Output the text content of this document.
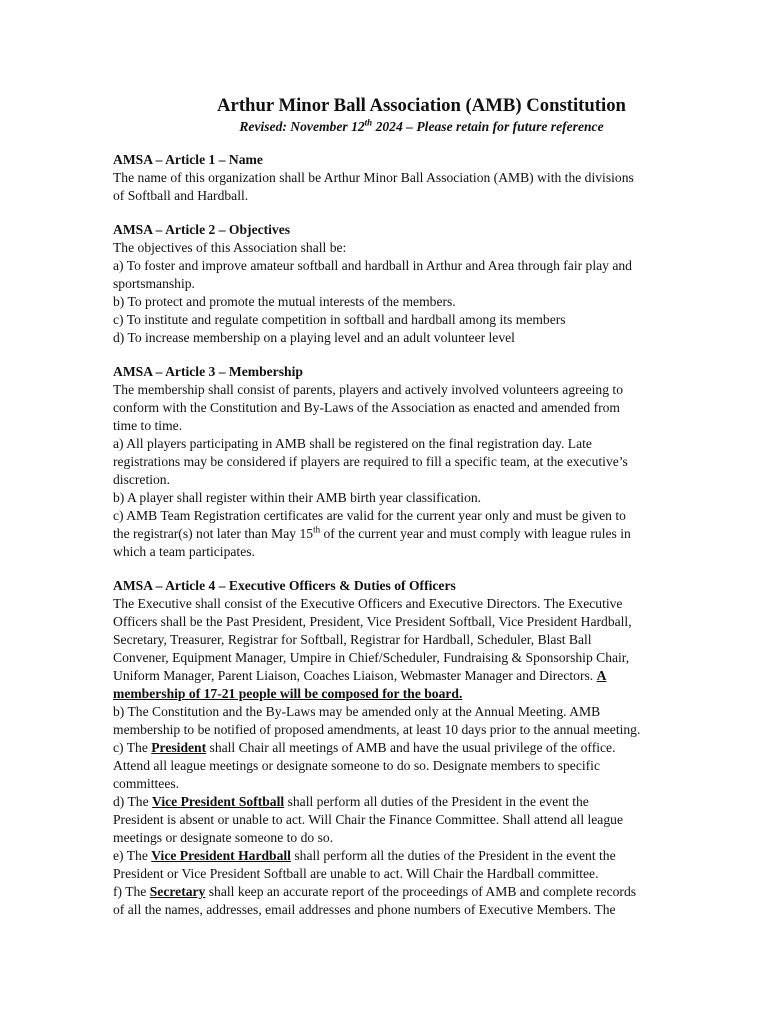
Arthur Minor Ball Association (AMB) Constitution
Revised: November 12th 2024 – Please retain for future reference
AMSA – Article 1 – Name
The name of this organization shall be Arthur Minor Ball Association (AMB) with the divisions
of Softball and Hardball.
AMSA – Article 2 – Objectives
The objectives of this Association shall be:
a) To foster and improve amateur softball and hardball in Arthur and Area through fair play and
sportsmanship.
b) To protect and promote the mutual interests of the members.
c) To institute and regulate competition in softball and hardball among its members
d) To increase membership on a playing level and an adult volunteer level
AMSA – Article 3 – Membership
The membership shall consist of parents, players and actively involved volunteers agreeing to
conform with the Constitution and By-Laws of the Association as enacted and amended from
time to time.
a) All players participating in AMB shall be registered on the final registration day. Late
registrations may be considered if players are required to fill a specific team, at the executive’s
discretion.
b) A player shall register within their AMB birth year classification.
c) AMB Team Registration certificates are valid for the current year only and must be given to
the registrar(s) not later than May 15th of the current year and must comply with league rules in
which a team participates.
AMSA – Article 4 – Executive Officers & Duties of Officers
The Executive shall consist of the Executive Officers and Executive Directors. The Executive
Officers shall be the Past President, President, Vice President Softball, Vice President Hardball,
Secretary, Treasurer, Registrar for Softball, Registrar for Hardball, Scheduler, Blast Ball
Convener, Equipment Manager, Umpire in Chief/Scheduler, Fundraising & Sponsorship Chair,
Uniform Manager, Parent Liaison, Coaches Liaison, Webmaster Manager and Directors. A
membership of 17-21 people will be composed for the board.
b) The Constitution and the By-Laws may be amended only at the Annual Meeting. AMB
membership to be notified of proposed amendments, at least 10 days prior to the annual meeting.
c) The President shall Chair all meetings of AMB and have the usual privilege of the office.
Attend all league meetings or designate someone to do so. Designate members to specific
committees.
d) The Vice President Softball shall perform all duties of the President in the event the
President is absent or unable to act. Will Chair the Finance Committee. Shall attend all league
meetings or designate someone to do so.
e) The Vice President Hardball shall perform all the duties of the President in the event the
President or Vice President Softball are unable to act. Will Chair the Hardball committee.
f) The Secretary shall keep an accurate report of the proceedings of AMB and complete records
of all the names, addresses, email addresses and phone numbers of Executive Members. The
